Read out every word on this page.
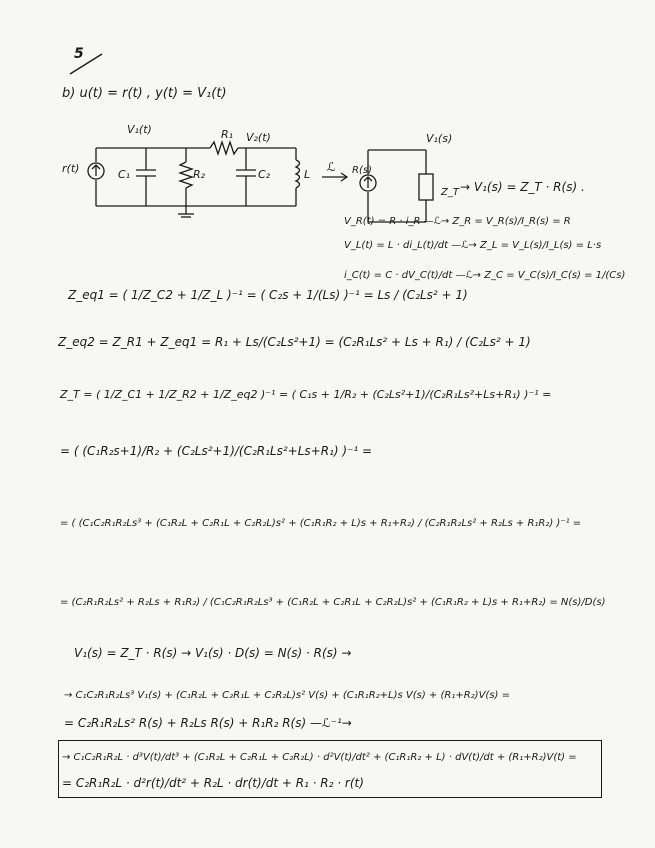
5
b) u(t) = r(t) , y(t) = V₁(t)
r(t)
V₁(t)	R₁ V₂(t)
C₁	R₂	C₂	L
ℒ R(s)
V₁(s)
Z_T → V₁(s) = Z_T · R(s) .
V_R(t) = R · i_R —ℒ→ Z_R = V_R(s)/I_R(s) = R
V_L(t) = L · di_L(t)/dt —ℒ→ Z_L = V_L(s)/I_L(s) = L·s
i_C(t) = C · dV_C(t)/dt —ℒ→ Z_C = V_C(s)/I_C(s) = 1/(Cs)
Z_eq1 = ( 1/Z_C2 + 1/Z_L )⁻¹ = ( C₂s + 1/(Ls) )⁻¹ = Ls / (C₂Ls² + 1)
Z_eq2 = Z_R1 + Z_eq1 = R₁ + Ls/(C₂Ls²+1) = (C₂R₁Ls² + Ls + R₁) / (C₂Ls² + 1)
Z_T = ( 1/Z_C1 + 1/Z_R2 + 1/Z_eq2 )⁻¹ = ( C₁s + 1/R₂ + (C₂Ls²+1)/(C₂R₁Ls²+Ls+R₁) )⁻¹ =
= ( (C₁R₂s+1)/R₂ + (C₂Ls²+1)/(C₂R₁Ls²+Ls+R₁) )⁻¹ =
= ( (C₁C₂R₁R₂Ls³ + (C₁R₂L + C₂R₁L + C₂R₂L)s² + (C₁R₁R₂ + L)s + R₁+R₂) / (C₂R₁R₂Ls² + R₂Ls + R₁R₂) )⁻¹ =
= (C₂R₁R₂Ls² + R₂Ls + R₁R₂) / (C₁C₂R₁R₂Ls³ + (C₁R₂L + C₂R₁L + C₂R₂L)s² + (C₁R₁R₂ + L)s + R₁+R₂) = N(s)/D(s)
V₁(s) = Z_T · R(s) → V₁(s) · D(s) = N(s) · R(s) →
→ C₁C₂R₁R₂Ls³ V₁(s) + (C₁R₂L + C₂R₁L + C₂R₂L)s² V(s) + (C₁R₁R₂+L)s V(s) + (R₁+R₂)V(s) =
= C₂R₁R₂Ls² R(s) + R₂Ls R(s) + R₁R₂ R(s) —ℒ⁻¹→
→ C₁C₂R₁R₂L · d³V(t)/dt³ + (C₁R₂L + C₂R₁L + C₂R₂L) · d²V(t)/dt² + (C₁R₁R₂ + L) · dV(t)/dt + (R₁+R₂)V(t) =
= C₂R₁R₂L · d²r(t)/dt² + R₂L · dr(t)/dt + R₁ · R₂ · r(t)
